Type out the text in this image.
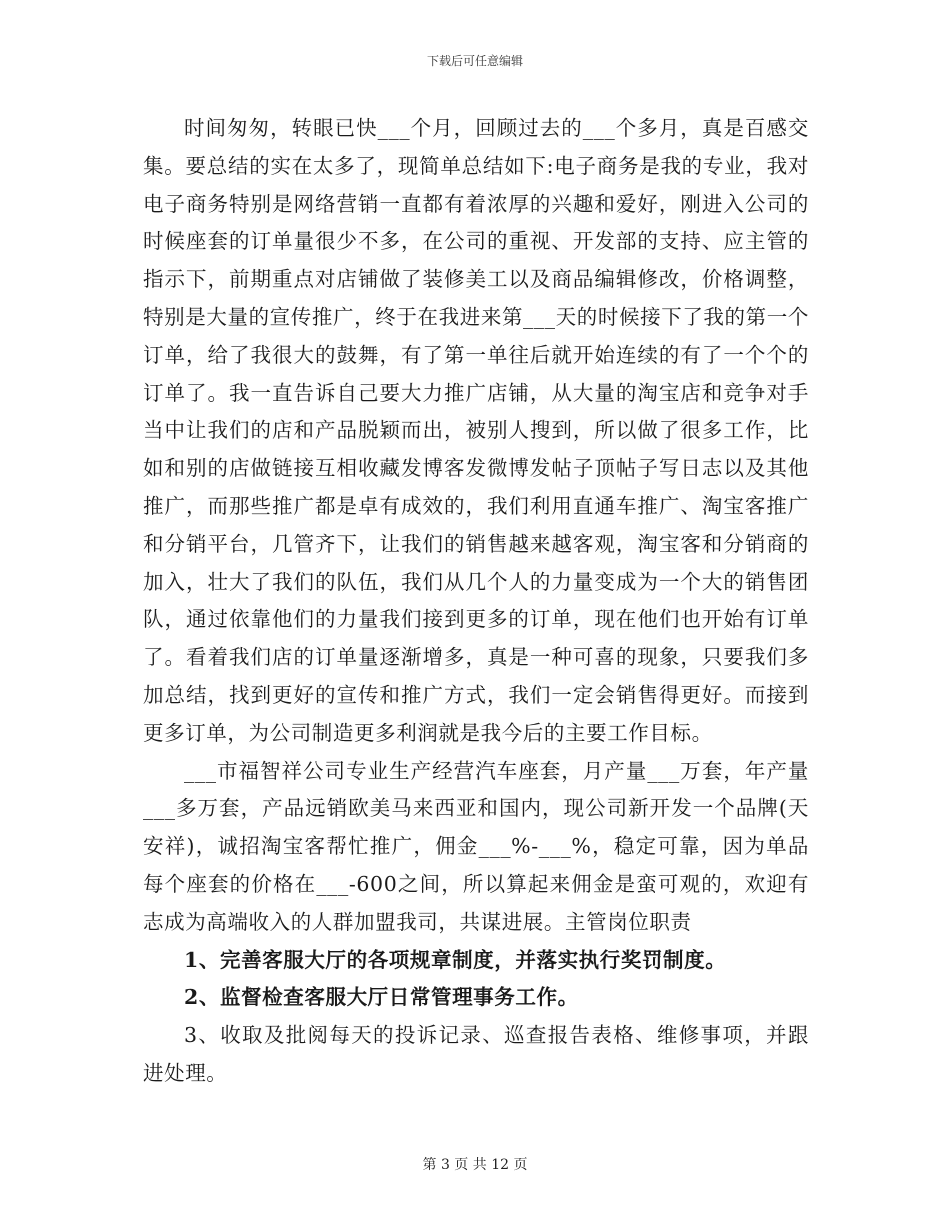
下载后可任意编辑

时间匆匆，转眼已快___个月，回顾过去的___个多月，真是百感交集。要总结的实在太多了，现简单总结如下:电子商务是我的专业，我对电子商务特别是网络营销一直都有着浓厚的兴趣和爱好，刚进入公司的时候座套的订单量很少不多，在公司的重视、开发部的支持、应主管的指示下，前期重点对店铺做了装修美工以及商品编辑修改，价格调整，特别是大量的宣传推广，终于在我进来第___天的时候接下了我的第一个订单，给了我很大的鼓舞，有了第一单往后就开始连续的有了一个个的订单了。我一直告诉自己要大力推广店铺，从大量的淘宝店和竞争对手当中让我们的店和产品脱颖而出，被别人搜到，所以做了很多工作，比如和别的店做链接互相收藏发博客发微博发帖子顶帖子写日志以及其他推广，而那些推广都是卓有成效的，我们利用直通车推广、淘宝客推广和分销平台，几管齐下，让我们的销售越来越客观，淘宝客和分销商的加入，壮大了我们的队伍，我们从几个人的力量变成为一个大的销售团队，通过依靠他们的力量我们接到更多的订单，现在他们也开始有订单了。看着我们店的订单量逐渐增多，真是一种可喜的现象，只要我们多加总结，找到更好的宣传和推广方式，我们一定会销售得更好。而接到更多订单，为公司制造更多利润就是我今后的主要工作目标。

___市福智祥公司专业生产经营汽车座套，月产量___万套，年产量___多万套，产品远销欧美马来西亚和国内，现公司新开发一个品牌(天安祥)，诚招淘宝客帮忙推广，佣金___%-___%，稳定可靠，因为单品每个座套的价格在___-600之间，所以算起来佣金是蛮可观的，欢迎有志成为高端收入的人群加盟我司，共谋进展。主管岗位职责

1、完善客服大厅的各项规章制度，并落实执行奖罚制度。

2、监督检查客服大厅日常管理事务工作。

3、收取及批阅每天的投诉记录、巡查报告表格、维修事项，并跟进处理。

第 3 页 共 12 页
